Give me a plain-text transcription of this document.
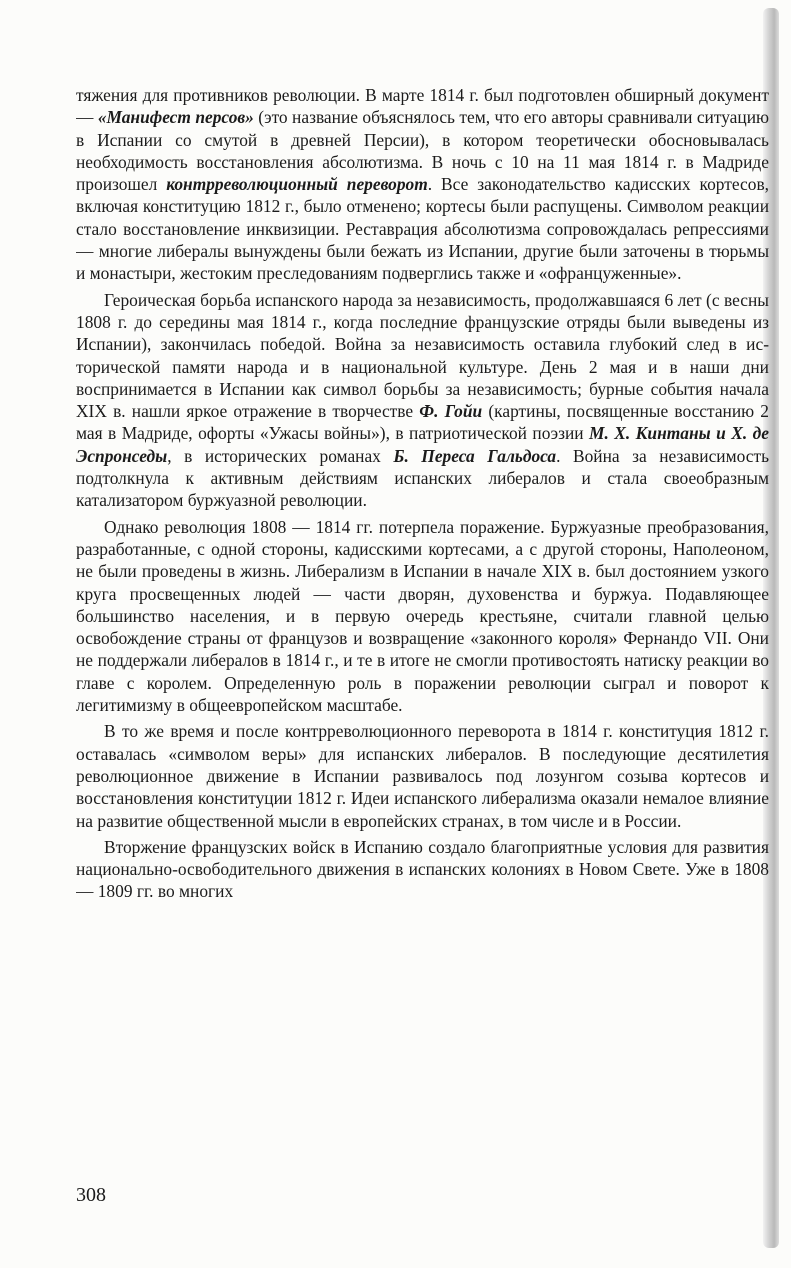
тяжения для противников революции. В марте 1814 г. был подготовлен обширный документ — «Манифест персов» (это название объяснялось тем, что его авторы сравнивали ситуацию в Испании со смутой в древней Персии), в котором теоретически обосновывалась необходимость восстановления абсолютизма. В ночь с 10 на 11 мая 1814 г. в Мадриде произошел контрреволюционный переворот. Все законодательство кадисских кортесов, включая конституцию 1812 г., было отменено; кортесы были распущены. Символом реакции стало восстановление инквизиции. Реставрация абсолютизма сопровождалась репрессиями — многие либералы вынуждены были бежать из Испании, другие были заточены в тюрьмы и монастыри, жестоким преследованиям подверглись также и «офранцуженные».

Героическая борьба испанского народа за независимость, продолжавшаяся 6 лет (с весны 1808 г. до середины мая 1814 г., когда последние французские отряды были выведены из Испании), закончилась победой. Война за независимость оставила глубокий след в исторической памяти народа и в национальной культуре. День 2 мая и в наши дни воспринимается в Испании как символ борьбы за независимость; бурные события начала XIX в. нашли яркое отражение в творчестве Ф. Гойи (картины, посвященные восстанию 2 мая в Мадриде, офорты «Ужасы войны»), в патриотической поэзии М. Х. Кинтаны и Х. де Эспронседы, в исторических романах Б. Переса Гальдоса. Война за независимость подтолкнула к активным действиям испанских либералов и стала своеобразным катализатором буржуазной революции.

Однако революция 1808 — 1814 гг. потерпела поражение. Буржуазные преобразования, разработанные, с одной стороны, кадисскими кортесами, а с другой стороны, Наполеоном, не были проведены в жизнь. Либерализм в Испании в начале XIX в. был достоянием узкого круга просвещенных людей — части дворян, духовенства и буржуа. Подавляющее большинство населения, и в первую очередь крестьяне, считали главной целью освобождение страны от французов и возвращение «законного короля» Фернандо VII. Они не поддержали либералов в 1814 г., и те в итоге не смогли противостоять натиску реакции во главе с королем. Определенную роль в поражении революции сыграл и поворот к легитимизму в общеевропейском масштабе.

В то же время и после контрреволюционного переворота в 1814 г. конституция 1812 г. оставалась «символом веры» для испанских либералов. В последующие десятилетия революционное движение в Испании развивалось под лозунгом созыва кортесов и восстановления конституции 1812 г. Идеи испанского либерализма оказали немалое влияние на развитие общественной мысли в европейских странах, в том числе и в России.

Вторжение французских войск в Испанию создало благоприятные условия для развития национально-освободительного движения в испанских колониях в Новом Свете. Уже в 1808 — 1809 гг. во многих

308
